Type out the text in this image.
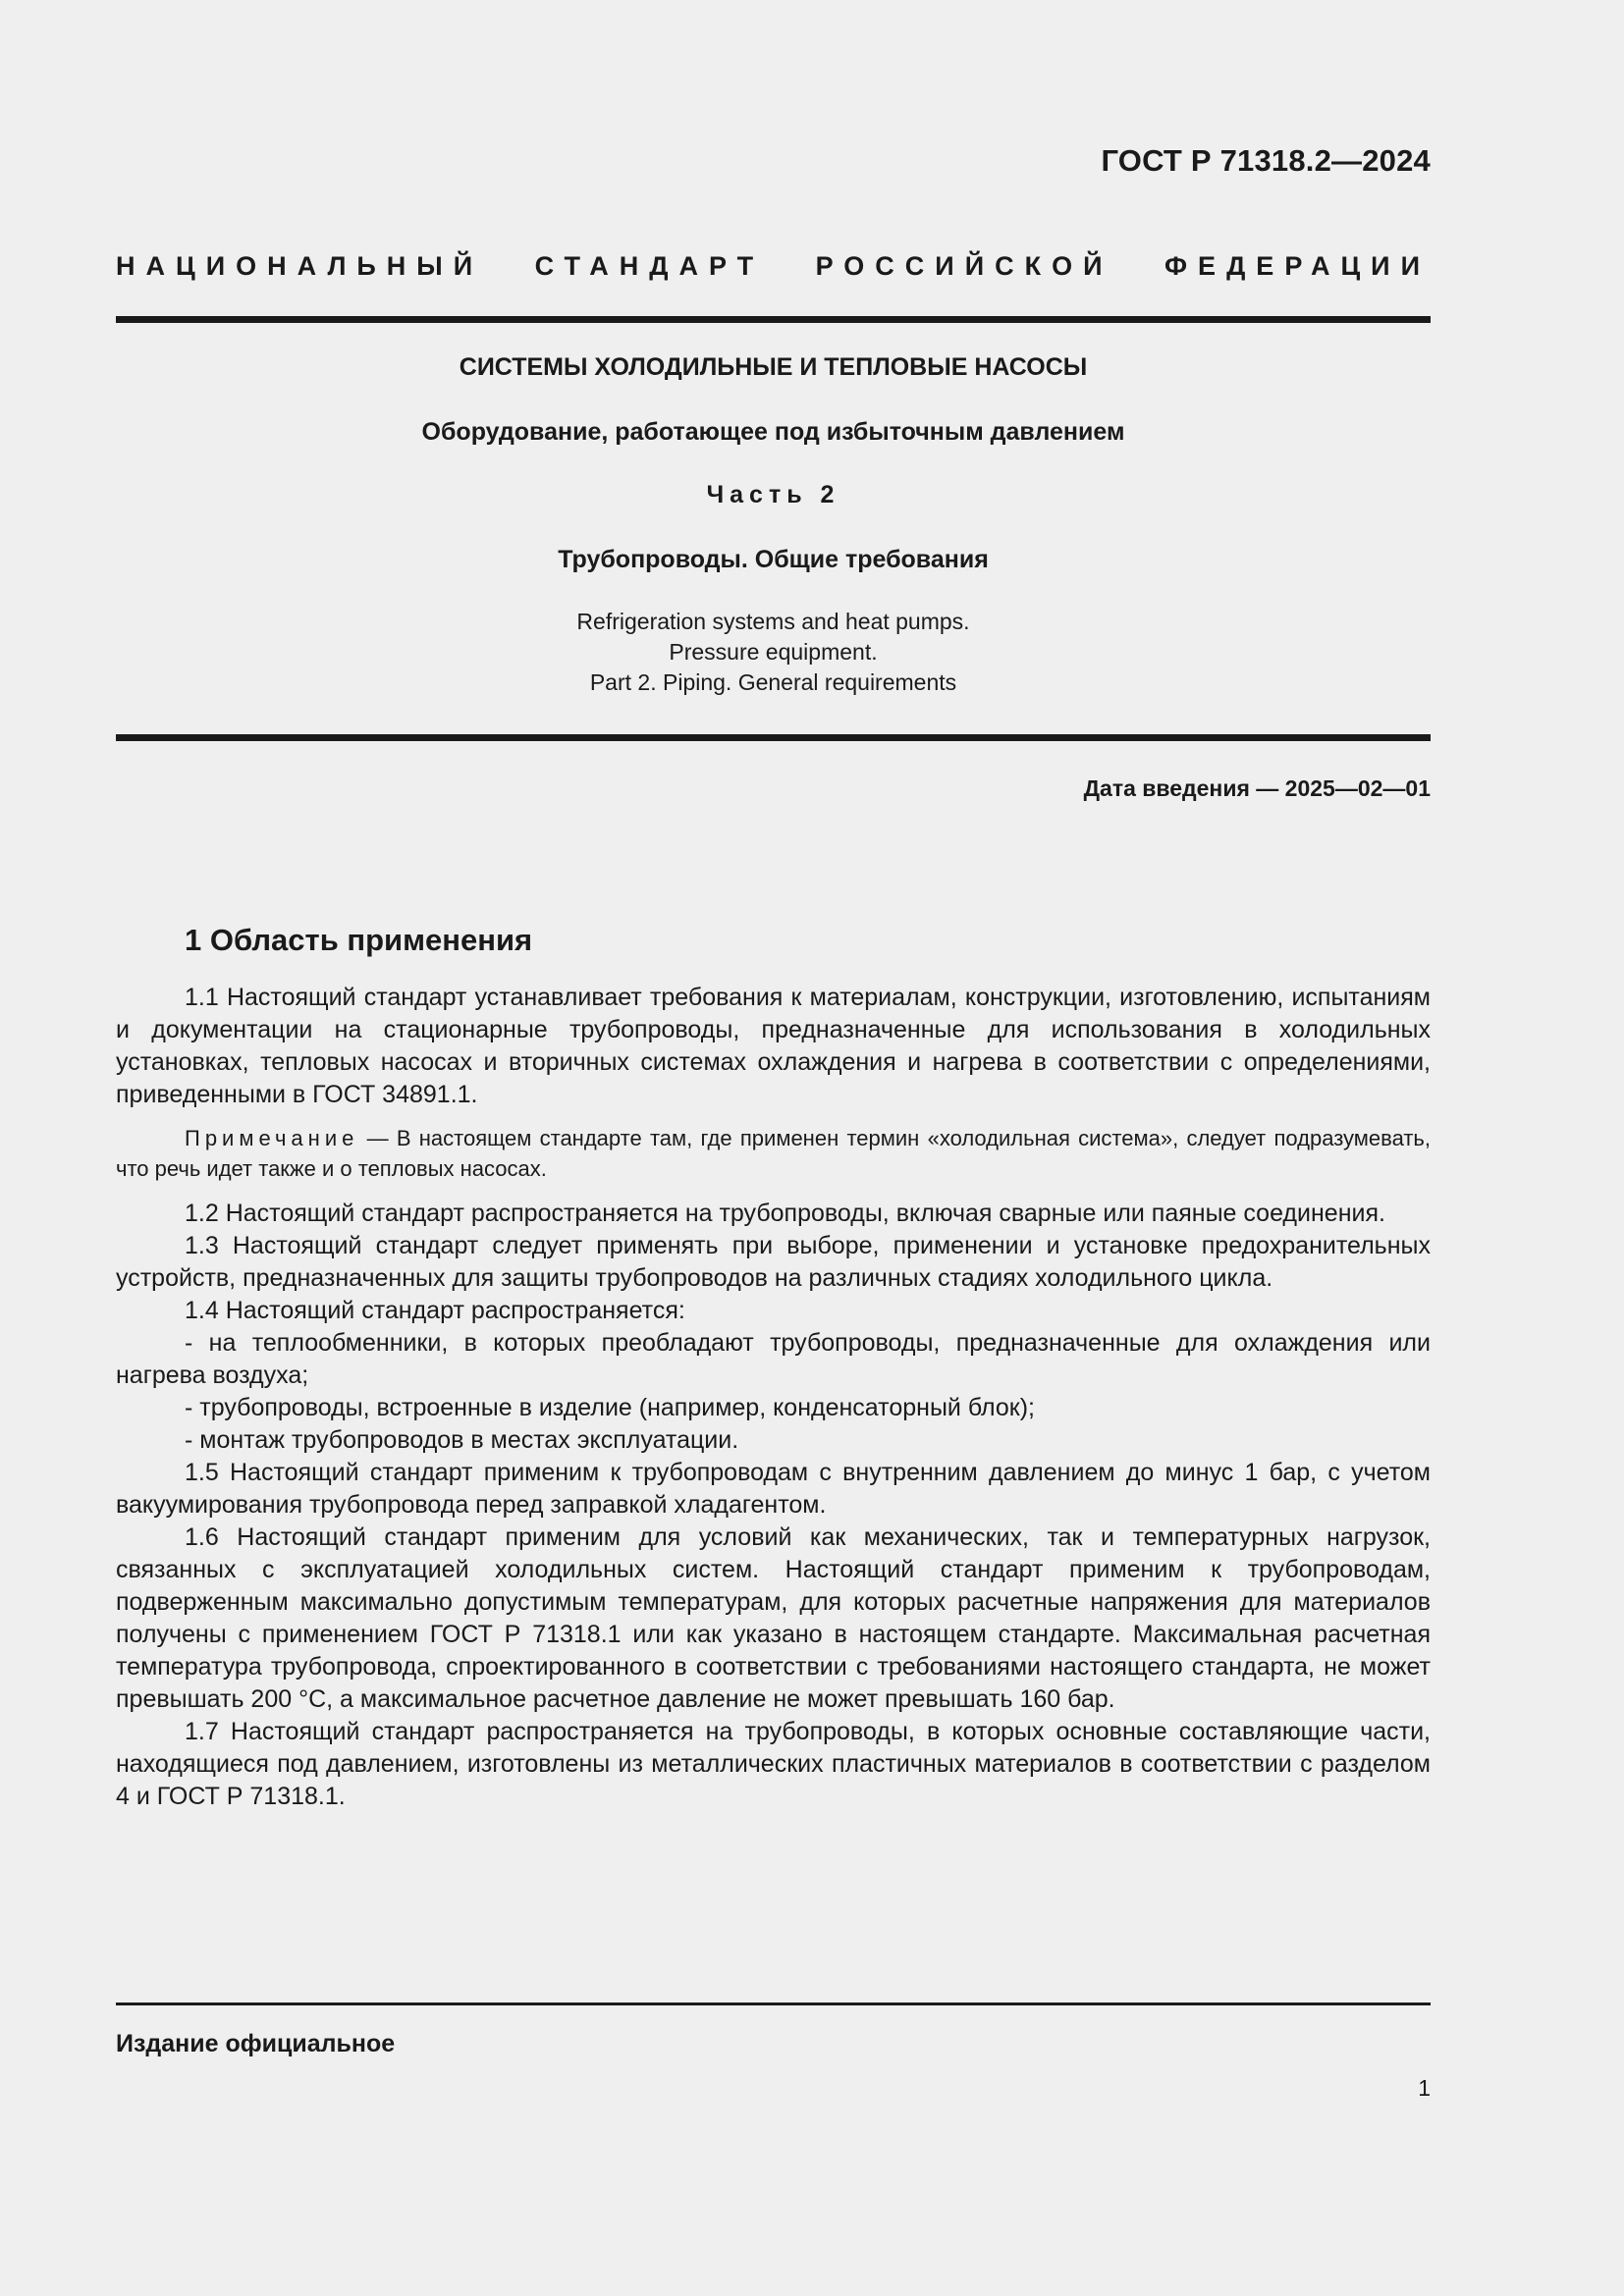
ГОСТ Р 71318.2—2024
НАЦИОНАЛЬНЫЙ СТАНДАРТ РОССИЙСКОЙ ФЕДЕРАЦИИ
СИСТЕМЫ ХОЛОДИЛЬНЫЕ И ТЕПЛОВЫЕ НАСОСЫ
Оборудование, работающее под избыточным давлением
Часть 2
Трубопроводы. Общие требования
Refrigeration systems and heat pumps.
Pressure equipment.
Part 2. Piping. General requirements
Дата введения — 2025—02—01
1 Область применения

1.1 Настоящий стандарт устанавливает требования к материалам, конструкции, изготовлению, испытаниям и документации на стационарные трубопроводы, предназначенные для использования в холодильных установках, тепловых насосах и вторичных системах охлаждения и нагрева в соответствии с определениями, приведенными в ГОСТ 34891.1.

Примечание — В настоящем стандарте там, где применен термин «холодильная система», следует подразумевать, что речь идет также и о тепловых насосах.

1.2 Настоящий стандарт распространяется на трубопроводы, включая сварные или паяные соединения.

1.3 Настоящий стандарт следует применять при выборе, применении и установке предохранительных устройств, предназначенных для защиты трубопроводов на различных стадиях холодильного цикла.

1.4 Настоящий стандарт распространяется:

- на теплообменники, в которых преобладают трубопроводы, предназначенные для охлаждения или нагрева воздуха;

- трубопроводы, встроенные в изделие (например, конденсаторный блок);

- монтаж трубопроводов в местах эксплуатации.

1.5 Настоящий стандарт применим к трубопроводам с внутренним давлением до минус 1 бар, с учетом вакуумирования трубопровода перед заправкой хладагентом.

1.6 Настоящий стандарт применим для условий как механических, так и температурных нагрузок, связанных с эксплуатацией холодильных систем. Настоящий стандарт применим к трубопроводам, подверженным максимально допустимым температурам, для которых расчетные напряжения для материалов получены с применением ГОСТ Р 71318.1 или как указано в настоящем стандарте. Максимальная расчетная температура трубопровода, спроектированного в соответствии с требованиями настоящего стандарта, не может превышать 200 °С, а максимальное расчетное давление не может превышать 160 бар.

1.7 Настоящий стандарт распространяется на трубопроводы, в которых основные составляющие части, находящиеся под давлением, изготовлены из металлических пластичных материалов в соответствии с разделом 4 и ГОСТ Р 71318.1.

Издание официальное
1
